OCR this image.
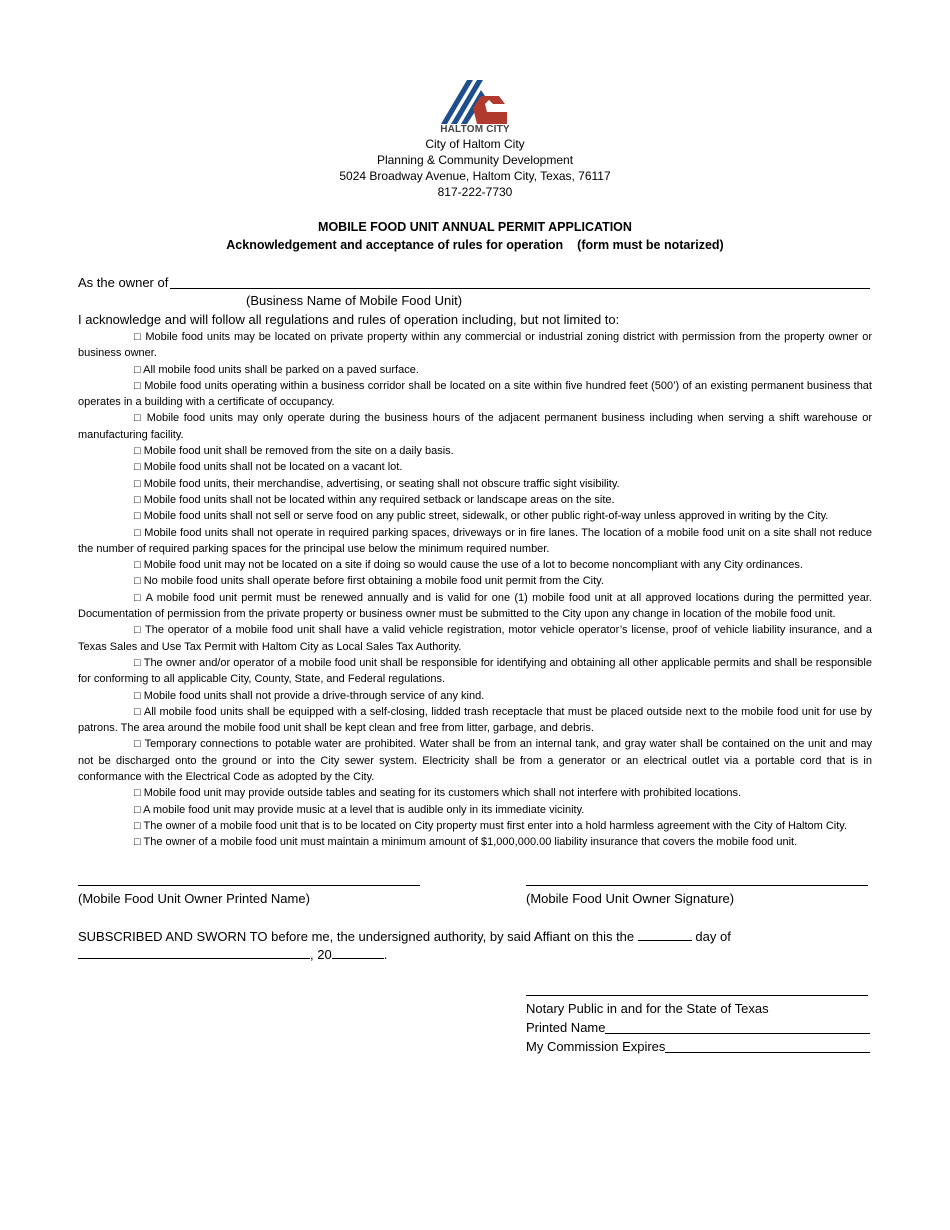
HALTOM CITY
City of Haltom City
Planning & Community Development
5024 Broadway Avenue, Haltom City, Texas, 76117
817-222-7730
MOBILE FOOD UNIT ANNUAL PERMIT APPLICATION
Acknowledgement and acceptance of rules for operation (form must be notarized)
As the owner of
(Business Name of Mobile Food Unit)
I acknowledge and will follow all regulations and rules of operation including, but not limited to:

□ Mobile food units may be located on private property within any commercial or industrial zoning district with permission from the property owner or business owner.

□ All mobile food units shall be parked on a paved surface.

□ Mobile food units operating within a business corridor shall be located on a site within five hundred feet (500’) of an existing permanent business that operates in a building with a certificate of occupancy.

□ Mobile food units may only operate during the business hours of the adjacent permanent business including when serving a shift warehouse or manufacturing facility.

□ Mobile food unit shall be removed from the site on a daily basis.

□ Mobile food units shall not be located on a vacant lot.

□ Mobile food units, their merchandise, advertising, or seating shall not obscure traffic sight visibility.

□ Mobile food units shall not be located within any required setback or landscape areas on the site.

□ Mobile food units shall not sell or serve food on any public street, sidewalk, or other public right-of-way unless approved in writing by the City.

□ Mobile food units shall not operate in required parking spaces, driveways or in fire lanes. The location of a mobile food unit on a site shall not reduce the number of required parking spaces for the principal use below the minimum required number.

□ Mobile food unit may not be located on a site if doing so would cause the use of a lot to become noncompliant with any City ordinances.

□ No mobile food units shall operate before first obtaining a mobile food unit permit from the City.

□ A mobile food unit permit must be renewed annually and is valid for one (1) mobile food unit at all approved locations during the permitted year. Documentation of permission from the private property or business owner must be submitted to the City upon any change in location of the mobile food unit.

□ The operator of a mobile food unit shall have a valid vehicle registration, motor vehicle operator’s license, proof of vehicle liability insurance, and a Texas Sales and Use Tax Permit with Haltom City as Local Sales Tax Authority.

□ The owner and/or operator of a mobile food unit shall be responsible for identifying and obtaining all other applicable permits and shall be responsible for conforming to all applicable City, County, State, and Federal regulations.

□ Mobile food units shall not provide a drive-through service of any kind.

□ All mobile food units shall be equipped with a self-closing, lidded trash receptacle that must be placed outside next to the mobile food unit for use by patrons. The area around the mobile food unit shall be kept clean and free from litter, garbage, and debris.

□ Temporary connections to potable water are prohibited. Water shall be from an internal tank, and gray water shall be contained on the unit and may not be discharged onto the ground or into the City sewer system. Electricity shall be from a generator or an electrical outlet via a portable cord that is in conformance with the Electrical Code as adopted by the City.

□ Mobile food unit may provide outside tables and seating for its customers which shall not interfere with prohibited locations.

□ A mobile food unit may provide music at a level that is audible only in its immediate vicinity.

□ The owner of a mobile food unit that is to be located on City property must first enter into a hold harmless agreement with the City of Haltom City.

□ The owner of a mobile food unit must maintain a minimum amount of $1,000,000.00 liability insurance that covers the mobile food unit.

(Mobile Food Unit Owner Printed Name)	(Mobile Food Unit Owner Signature)
SUBSCRIBED AND SWORN TO before me, the undersigned authority, by said Affiant on this the	day of
, 20	.
Notary Public in and for the State of Texas
Printed Name
My Commission Expires
